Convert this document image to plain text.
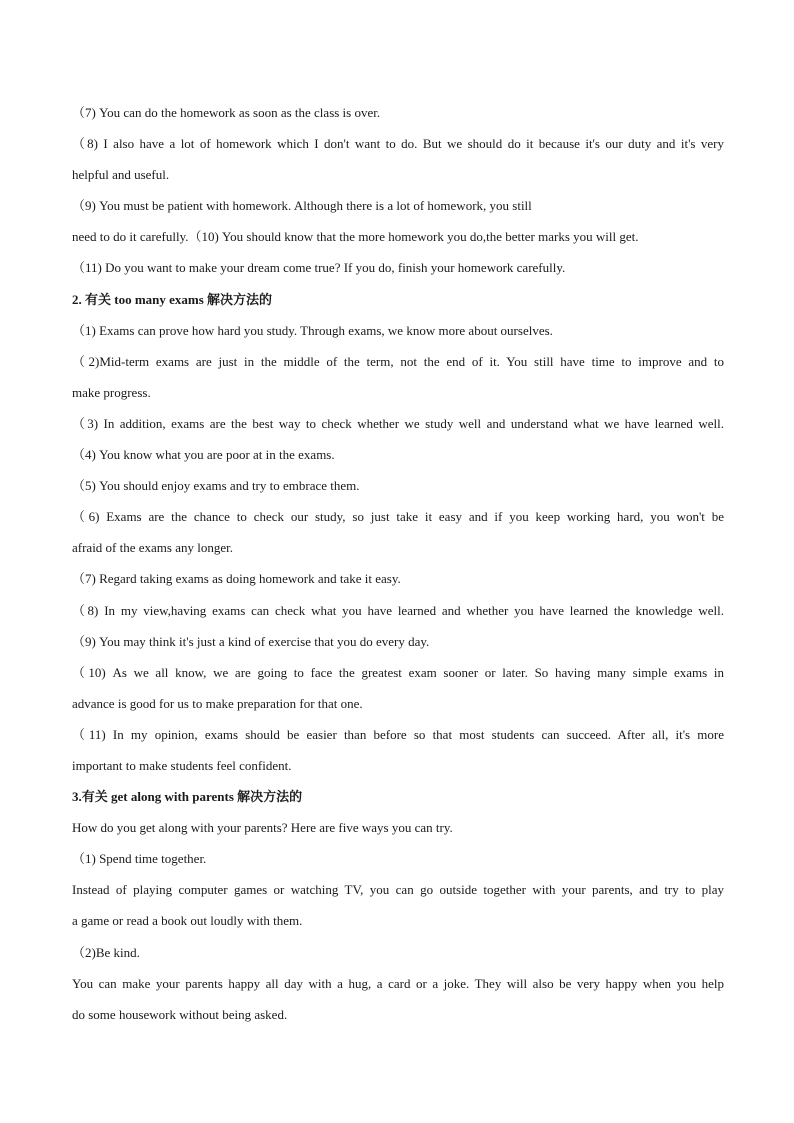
（7) You can do the homework as soon as the class is over.
（8) I also have a lot of homework which I don't want to do. But we should do it because it's our duty and it's very
helpful and useful.
（9) You must be patient with homework. Although there is a lot of homework, you still
need to do it carefully.（10) You should know that the more homework you do,the better marks you will get.
（11) Do you want to make your dream come true? If you do, finish your homework carefully.
2. 有关 too many exams 解决方法的
（1) Exams can prove how hard you study. Through exams, we know more about ourselves.
（2)Mid-term exams are just in the middle of the term, not the end of it. You still have time to improve and to
make progress.
（3) In addition, exams are the best way to check whether we study well and understand what we have learned well.
（4) You know what you are poor at in the exams.
（5) You should enjoy exams and try to embrace them.
（6) Exams are the chance to check our study, so just take it easy and if you keep working hard, you won't be
afraid of the exams any longer.
（7) Regard taking exams as doing homework and take it easy.
（8) In my view,having exams can check what you have learned and whether you have learned the knowledge well.
（9) You may think it's just a kind of exercise that you do every day.
（10) As we all know, we are going to face the greatest exam sooner or later. So having many simple exams in
advance is good for us to make preparation for that one.
（11) In my opinion, exams should be easier than before so that most students can succeed. After all, it's more
important to make students feel confident.
3.有关 get along with parents 解决方法的
How do you get along with your parents? Here are five ways you can try.
（1) Spend time together.
Instead of playing computer games or watching TV, you can go outside together with your parents, and try to play
a game or read a book out loudly with them.
（2)Be kind.
You can make your parents happy all day with a hug, a card or a joke. They will also be very happy when you help
do some housework without being asked.
